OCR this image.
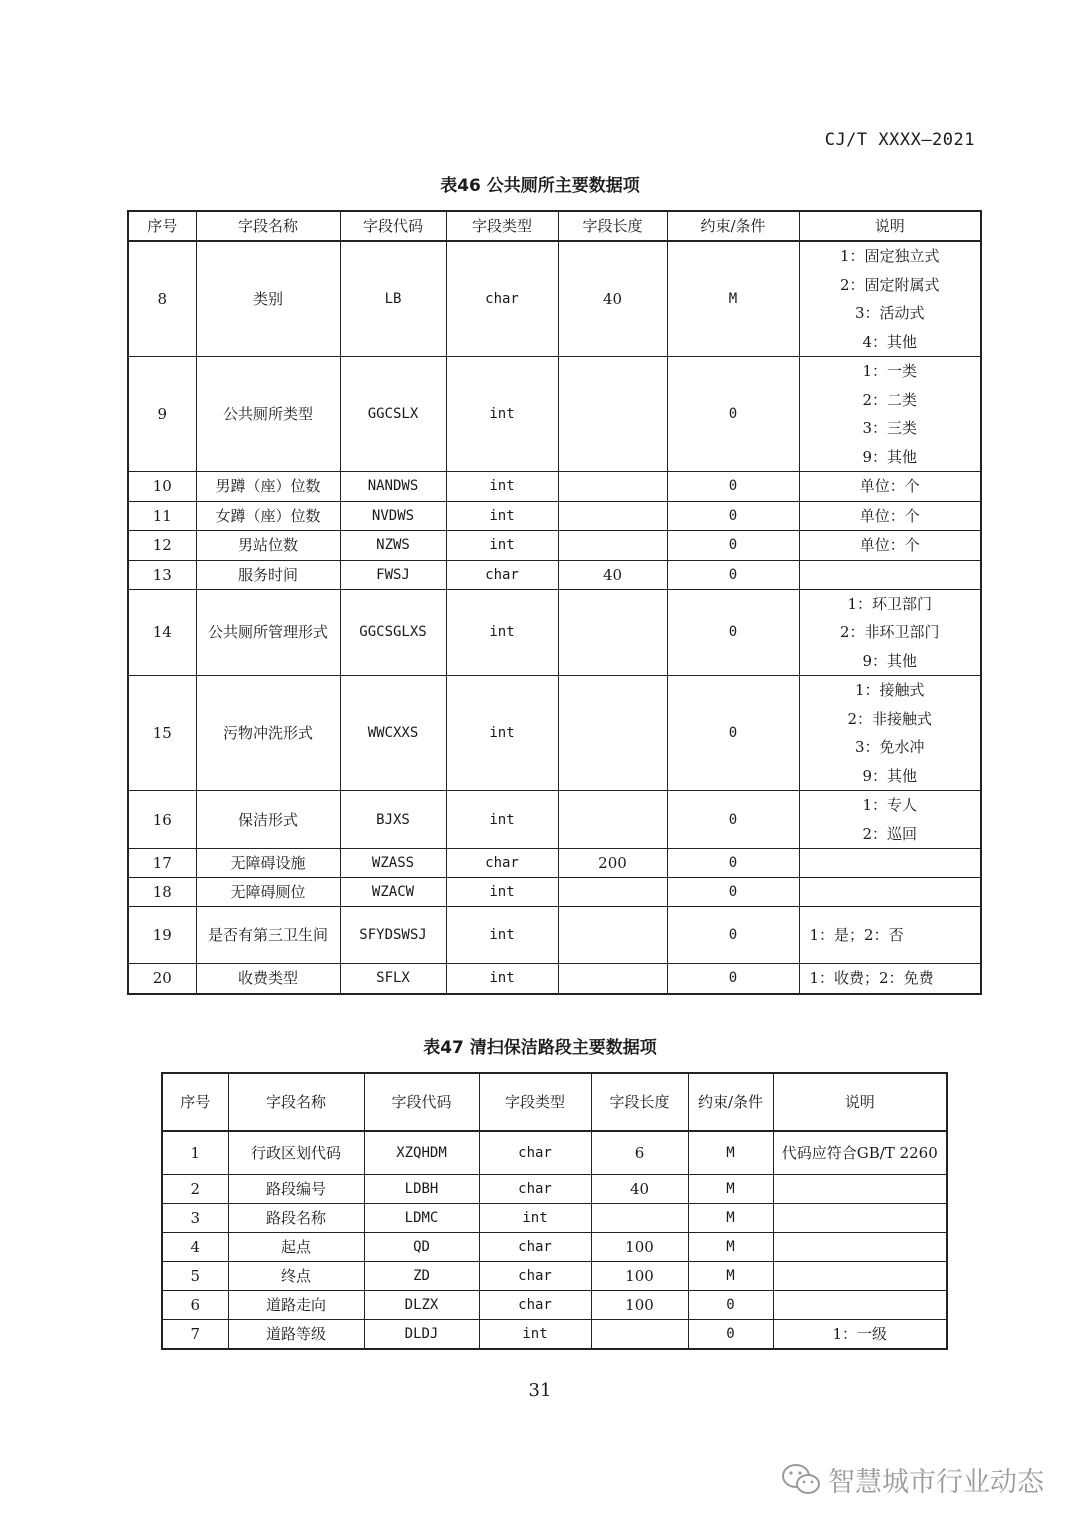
CJ/T XXXX—2021
表46 公共厕所主要数据项
序号	字段名称	字段代码	字段类型	字段长度	约束/条件	说明
8	类别	LB	char	40	M	1：固定独立式
2：固定附属式
3：活动式
4：其他

9	公共厕所类型	GGCSLX	int		0	1：一类
2：二类
3：三类
9：其他

10	男蹲（座）位数	NANDWS	int		0	单位：个

11	女蹲（座）位数	NVDWS	int		0	单位：个

12	男站位数	NZWS	int		0	单位：个

13	服务时间	FWSJ	char	40	0	

14	公共厕所管理形式	GGCSGLXS	int		0	1：环卫部门
2：非环卫部门
9：其他

15	污物冲洗形式	WWCXXS	int		0	1：接触式
2：非接触式
3：免水冲
9：其他

16	保洁形式	BJXS	int		0	1：专人
2：巡回

17	无障碍设施	WZASS	char	200	0	

18	无障碍厕位	WZACW	int		0	

19	是否有第三卫生间	SFYDSWSJ	int		0	1：是；2：否

20	收费类型	SFLX	int		0	1：收费；2：免费
表47 清扫保洁路段主要数据项
序号	字段名称	字段代码	字段类型	字段长度	约束/条件	说明
1	行政区划代码	XZQHDM	char	6	M	代码应符合GB/T 2260
2	路段编号	LDBH	char	40	M	
3	路段名称	LDMC	int		M	
4	起点	QD	char	100	M	
5	终点	ZD	char	100	M	
6	道路走向	DLZX	char	100	0	
7	道路等级	DLDJ	int		0	1：一级
31
智慧城市行业动态
